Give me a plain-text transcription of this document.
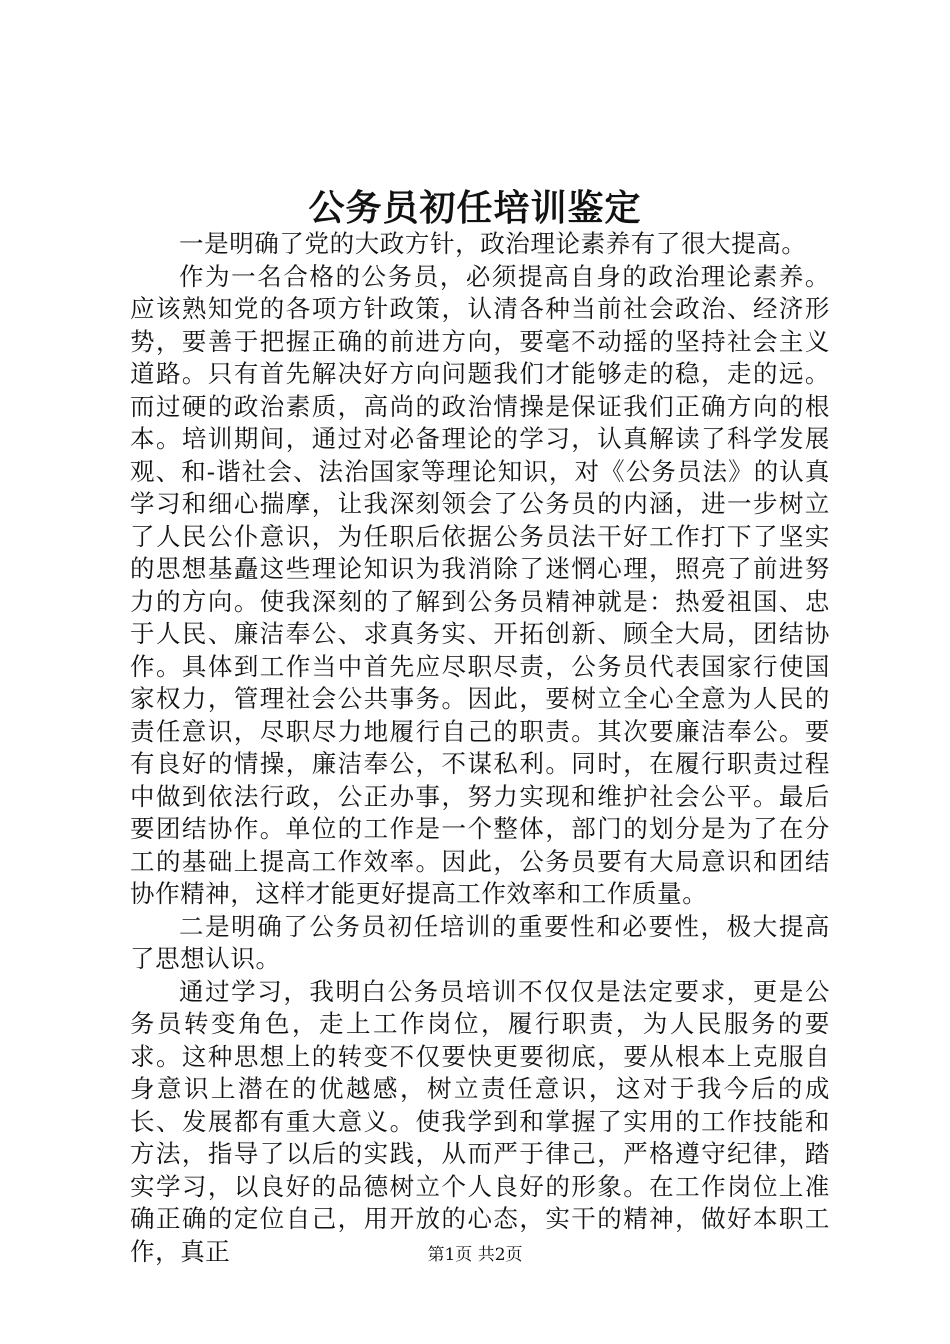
公务员初任培训鉴定

一是明确了党的大政方针，政治理论素养有了很大提高。

作为一名合格的公务员，必须提高自身的政治理论素养。应该熟知党的各项方针政策，认清各种当前社会政治、经济形势，要善于把握正确的前进方向，要毫不动摇的坚持社会主义道路。只有首先解决好方向问题我们才能够走的稳，走的远。而过硬的政治素质，高尚的政治情操是保证我们正确方向的根本。培训期间，通过对必备理论的学习，认真解读了科学发展观、和-谐社会、法治国家等理论知识，对《公务员法》的认真学习和细心揣摩，让我深刻领会了公务员的内涵，进一步树立了人民公仆意识，为任职后依据公务员法干好工作打下了坚实的思想基矗这些理论知识为我消除了迷惘心理，照亮了前进努力的方向。使我深刻的了解到公务员精神就是：热爱祖国、忠于人民、廉洁奉公、求真务实、开拓创新、顾全大局，团结协作。具体到工作当中首先应尽职尽责，公务员代表国家行使国家权力，管理社会公共事务。因此，要树立全心全意为人民的责任意识，尽职尽力地履行自己的职责。其次要廉洁奉公。要有良好的情操，廉洁奉公，不谋私利。同时，在履行职责过程中做到依法行政，公正办事，努力实现和维护社会公平。最后要团结协作。单位的工作是一个整体，部门的划分是为了在分工的基础上提高工作效率。因此，公务员要有大局意识和团结协作精神，这样才能更好提高工作效率和工作质量。

二是明确了公务员初任培训的重要性和必要性，极大提高了思想认识。

通过学习，我明白公务员培训不仅仅是法定要求，更是公务员转变角色，走上工作岗位，履行职责，为人民服务的要求。这种思想上的转变不仅要快更要彻底，要从根本上克服自身意识上潜在的优越感，树立责任意识，这对于我今后的成长、发展都有重大意义。使我学到和掌握了实用的工作技能和方法，指导了以后的实践，从而严于律己，严格遵守纪律，踏实学习，以良好的品德树立个人良好的形象。在工作岗位上准确正确的定位自己，用开放的心态，实干的精神，做好本职工作，真正	第1页 共2页
